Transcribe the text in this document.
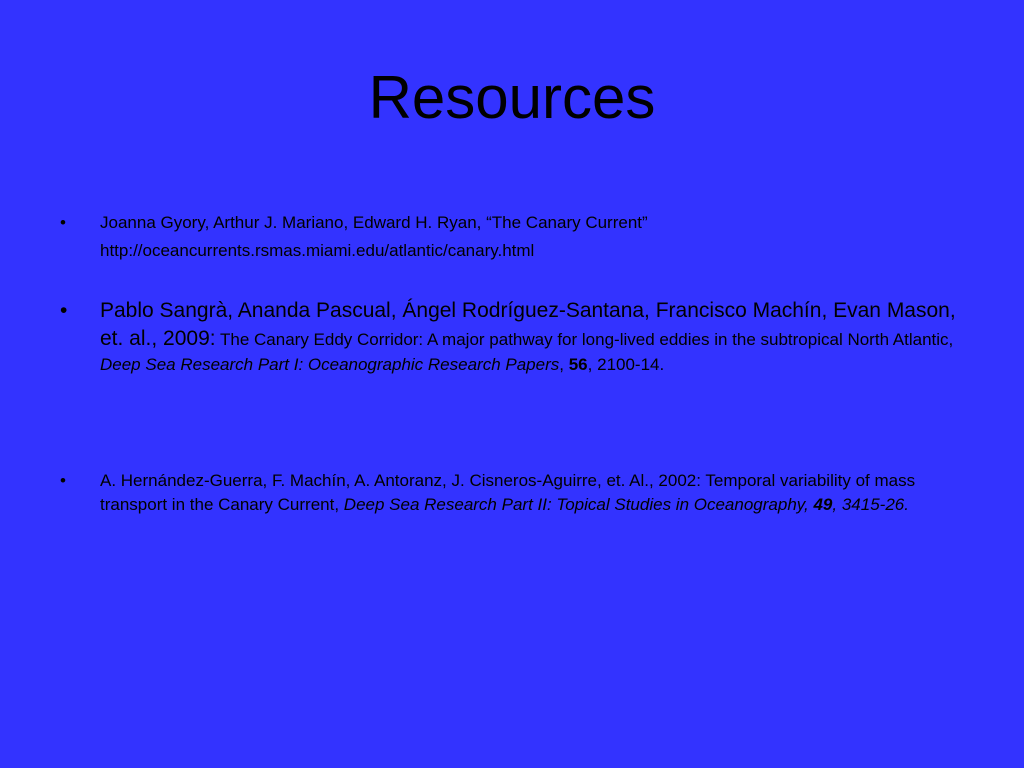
Resources
• Joanna Gyory, Arthur J. Mariano, Edward H. Ryan, “The Canary Current”
http://oceancurrents.rsmas.miami.edu/atlantic/canary.html
• Pablo Sangrà, Ananda Pascual, Ángel Rodríguez-Santana, Francisco Machín, Evan Mason, et. al., 2009: The Canary Eddy Corridor: A major pathway for long-lived eddies in the subtropical North Atlantic, Deep Sea Research Part I: Oceanographic Research Papers, 56, 2100-14.
• A. Hernández-Guerra, F. Machín, A. Antoranz, J. Cisneros-Aguirre, et. Al., 2002: Temporal variability of mass transport in the Canary Current, Deep Sea Research Part II: Topical Studies in Oceanography, 49, 3415-26.
